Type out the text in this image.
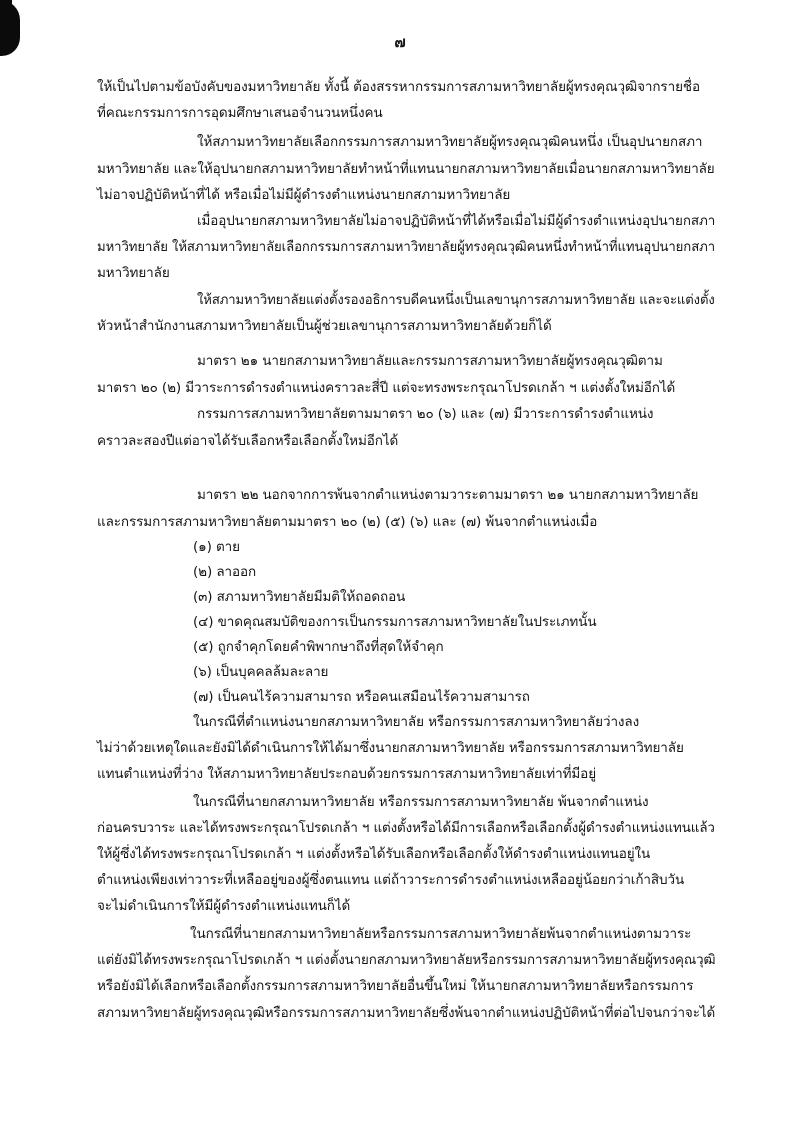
๗
ให้เป็นไปตามข้อบังคับของมหาวิทยาลัย ทั้งนี้ ต้องสรรหากรรมการสภามหาวิทยาลัยผู้ทรงคุณวุฒิจากรายชื่อ
ที่คณะกรรมการการอุดมศึกษาเสนอจำนวนหนึ่งคน
ให้สภามหาวิทยาลัยเลือกกรรมการสภามหาวิทยาลัยผู้ทรงคุณวุฒิคนหนึ่ง เป็นอุปนายกสภา
มหาวิทยาลัย และให้อุปนายกสภามหาวิทยาลัยทำหน้าที่แทนนายกสภามหาวิทยาลัยเมื่อนายกสภามหาวิทยาลัย
ไม่อาจปฏิบัติหน้าที่ได้ หรือเมื่อไม่มีผู้ดำรงตำแหน่งนายกสภามหาวิทยาลัย
เมื่ออุปนายกสภามหาวิทยาลัยไม่อาจปฏิบัติหน้าที่ได้หรือเมื่อไม่มีผู้ดำรงตำแหน่งอุปนายกสภา
มหาวิทยาลัย ให้สภามหาวิทยาลัยเลือกกรรมการสภามหาวิทยาลัยผู้ทรงคุณวุฒิคนหนึ่งทำหน้าที่แทนอุปนายกสภา
มหาวิทยาลัย
ให้สภามหาวิทยาลัยแต่งตั้งรองอธิการบดีคนหนึ่งเป็นเลขานุการสภามหาวิทยาลัย และจะแต่งตั้ง
หัวหน้าสำนักงานสภามหาวิทยาลัยเป็นผู้ช่วยเลขานุการสภามหาวิทยาลัยด้วยก็ได้
มาตรา ๒๑ นายกสภามหาวิทยาลัยและกรรมการสภามหาวิทยาลัยผู้ทรงคุณวุฒิตาม
มาตรา ๒๐ (๒) มีวาระการดำรงตำแหน่งคราวละสี่ปี แต่จะทรงพระกรุณาโปรดเกล้า ฯ แต่งตั้งใหม่อีกได้
กรรมการสภามหาวิทยาลัยตามมาตรา ๒๐ (๖) และ (๗) มีวาระการดำรงตำแหน่ง
คราวละสองปีแต่อาจได้รับเลือกหรือเลือกตั้งใหม่อีกได้
มาตรา ๒๒ นอกจากการพ้นจากตำแหน่งตามวาระตามมาตรา ๒๑ นายกสภามหาวิทยาลัย
และกรรมการสภามหาวิทยาลัยตามมาตรา ๒๐ (๒) (๕) (๖) และ (๗) พ้นจากตำแหน่งเมื่อ
(๑) ตาย
(๒) ลาออก
(๓) สภามหาวิทยาลัยมีมติให้ถอดถอน
(๔) ขาดคุณสมบัติของการเป็นกรรมการสภามหาวิทยาลัยในประเภทนั้น
(๕) ถูกจำคุกโดยคำพิพากษาถึงที่สุดให้จำคุก
(๖) เป็นบุคคลล้มละลาย
(๗) เป็นคนไร้ความสามารถ หรือคนเสมือนไร้ความสามารถ
ในกรณีที่ตำแหน่งนายกสภามหาวิทยาลัย หรือกรรมการสภามหาวิทยาลัยว่างลง
ไม่ว่าด้วยเหตุใดและยังมิได้ดำเนินการให้ได้มาซึ่งนายกสภามหาวิทยาลัย หรือกรรมการสภามหาวิทยาลัย
แทนตำแหน่งที่ว่าง ให้สภามหาวิทยาลัยประกอบด้วยกรรมการสภามหาวิทยาลัยเท่าที่มีอยู่
ในกรณีที่นายกสภามหาวิทยาลัย หรือกรรมการสภามหาวิทยาลัย พ้นจากตำแหน่ง
ก่อนครบวาระ และได้ทรงพระกรุณาโปรดเกล้า ฯ แต่งตั้งหรือได้มีการเลือกหรือเลือกตั้งผู้ดำรงตำแหน่งแทนแล้ว
ให้ผู้ซึ่งได้ทรงพระกรุณาโปรดเกล้า ฯ แต่งตั้งหรือได้รับเลือกหรือเลือกตั้งให้ดำรงตำแหน่งแทนอยู่ใน
ตำแหน่งเพียงเท่าวาระที่เหลืออยู่ของผู้ซึ่งตนแทน แต่ถ้าวาระการดำรงตำแหน่งเหลืออยู่น้อยกว่าเก้าสิบวัน
จะไม่ดำเนินการให้มีผู้ดำรงตำแหน่งแทนก็ได้
ในกรณีที่นายกสภามหาวิทยาลัยหรือกรรมการสภามหาวิทยาลัยพ้นจากตำแหน่งตามวาระ
แต่ยังมิได้ทรงพระกรุณาโปรดเกล้า ฯ แต่งตั้งนายกสภามหาวิทยาลัยหรือกรรมการสภามหาวิทยาลัยผู้ทรงคุณวุฒิ
หรือยังมิได้เลือกหรือเลือกตั้งกรรมการสภามหาวิทยาลัยอื่นขึ้นใหม่ ให้นายกสภามหาวิทยาลัยหรือกรรมการ
สภามหาวิทยาลัยผู้ทรงคุณวุฒิหรือกรรมการสภามหาวิทยาลัยซึ่งพ้นจากตำแหน่งปฏิบัติหน้าที่ต่อไปจนกว่าจะได้
